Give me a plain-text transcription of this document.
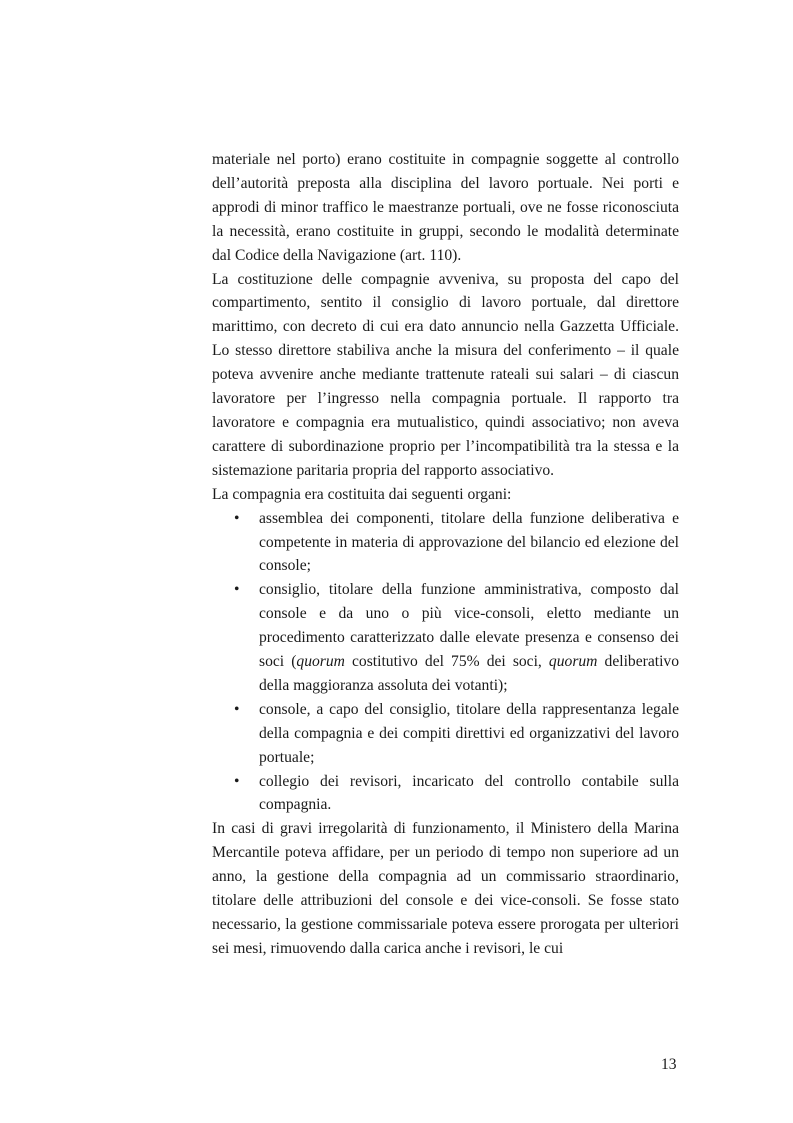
materiale nel porto) erano costituite in compagnie soggette al controllo dell’autorità preposta alla disciplina del lavoro portuale. Nei porti e approdi di minor traffico le maestranze portuali, ove ne fosse riconosciuta la necessità, erano costituite in gruppi, secondo le modalità determinate dal Codice della Navigazione (art. 110).

La costituzione delle compagnie avveniva, su proposta del capo del compartimento, sentito il consiglio di lavoro portuale, dal direttore marittimo, con decreto di cui era dato annuncio nella Gazzetta Ufficiale. Lo stesso direttore stabiliva anche la misura del conferimento – il quale poteva avvenire anche mediante trattenute rateali sui salari – di ciascun lavoratore per l’ingresso nella compagnia portuale. Il rapporto tra lavoratore e compagnia era mutualistico, quindi associativo; non aveva carattere di subordinazione proprio per l’incompatibilità tra la stessa e la sistemazione paritaria propria del rapporto associativo.

La compagnia era costituita dai seguenti organi:

• assemblea dei componenti, titolare della funzione deliberativa e competente in materia di approvazione del bilancio ed elezione del console;
• consiglio, titolare della funzione amministrativa, composto dal console e da uno o più vice-consoli, eletto mediante un procedimento caratterizzato dalle elevate presenza e consenso dei soci (quorum costitutivo del 75% dei soci, quorum deliberativo della maggioranza assoluta dei votanti);
• console, a capo del consiglio, titolare della rappresentanza legale della compagnia e dei compiti direttivi ed organizzativi del lavoro portuale;
• collegio dei revisori, incaricato del controllo contabile sulla compagnia.

In casi di gravi irregolarità di funzionamento, il Ministero della Marina Mercantile poteva affidare, per un periodo di tempo non superiore ad un anno, la gestione della compagnia ad un commissario straordinario, titolare delle attribuzioni del console e dei vice-consoli. Se fosse stato necessario, la gestione commissariale poteva essere prorogata per ulteriori sei mesi, rimuovendo dalla carica anche i revisori, le cui

13
